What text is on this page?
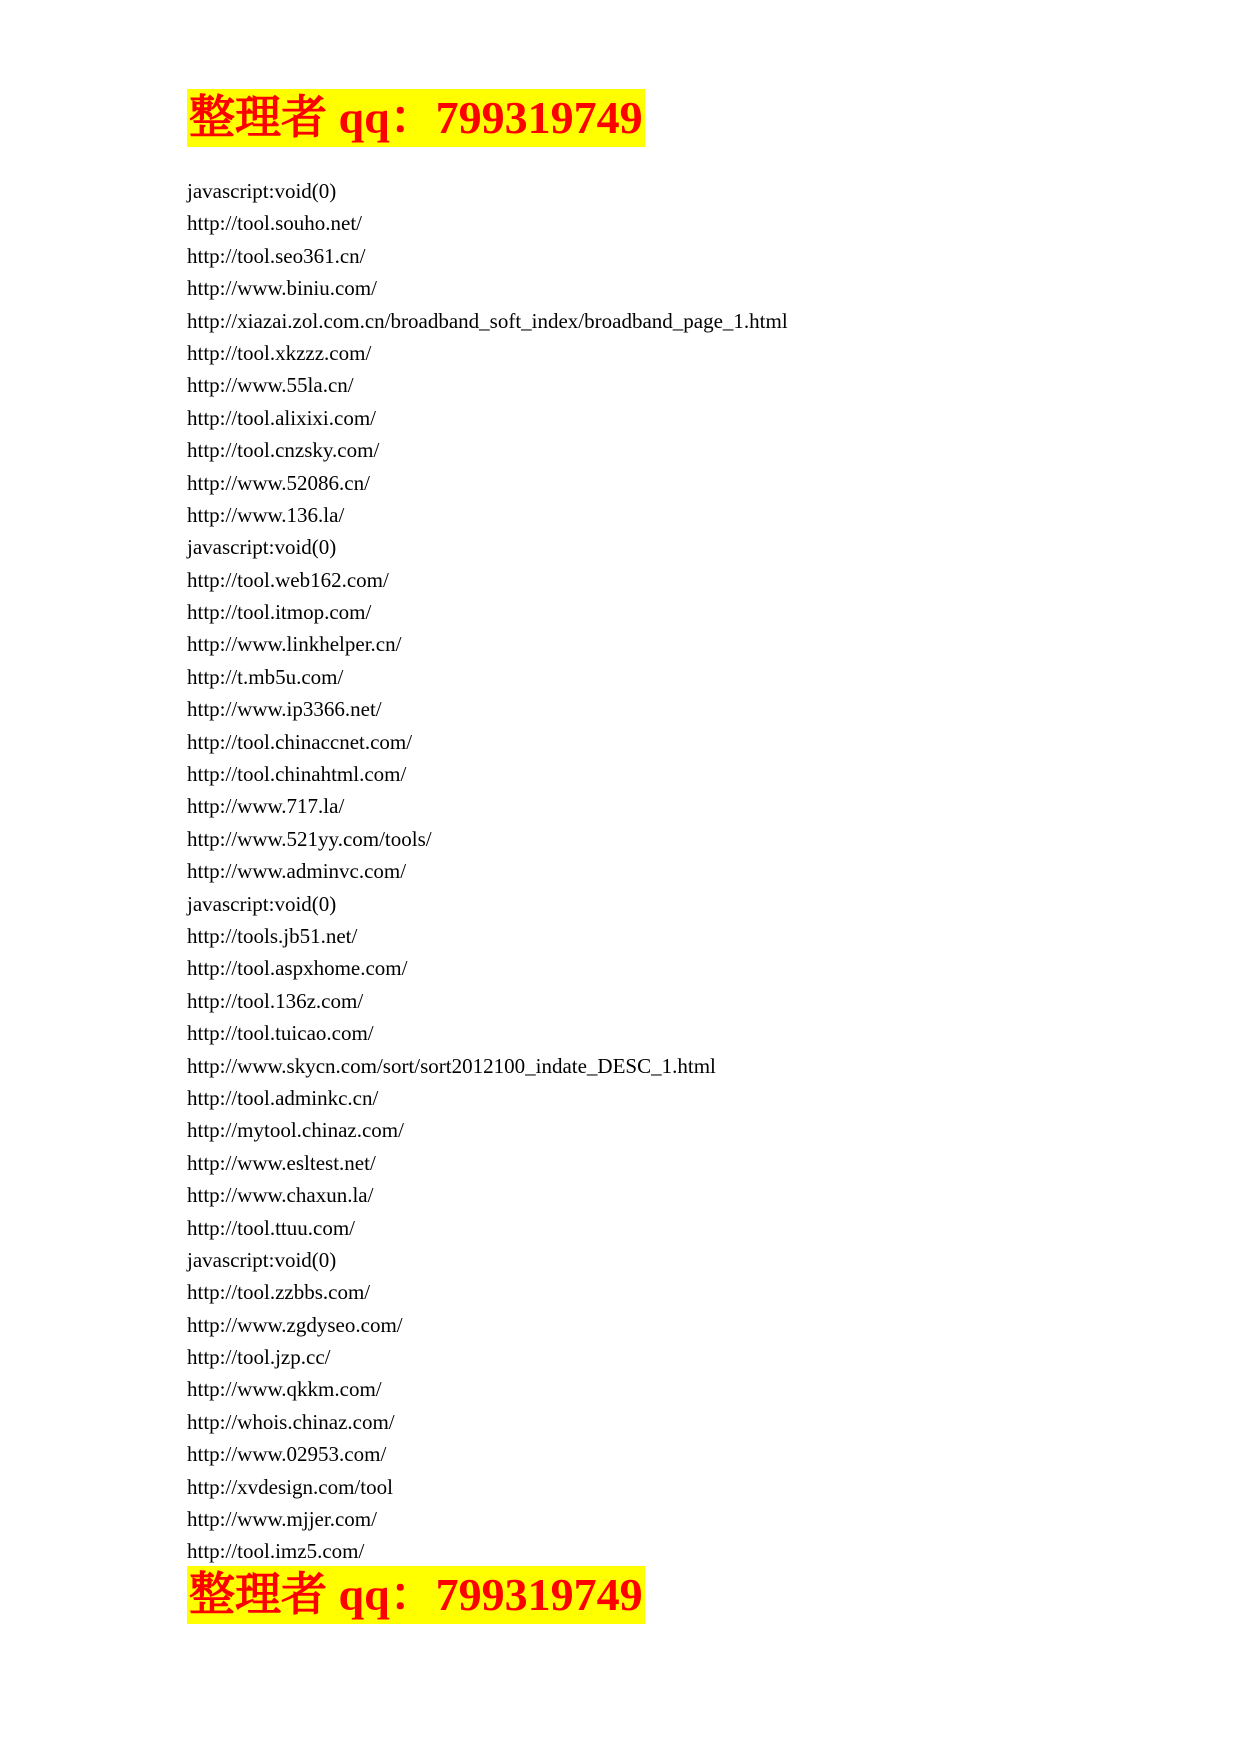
整理者 qq：799319749
javascript:void(0)
http://tool.souho.net/
http://tool.seo361.cn/
http://www.biniu.com/
http://xiazai.zol.com.cn/broadband_soft_index/broadband_page_1.html
http://tool.xkzzz.com/
http://www.55la.cn/
http://tool.alixixi.com/
http://tool.cnzsky.com/
http://www.52086.cn/
http://www.136.la/
javascript:void(0)
http://tool.web162.com/
http://tool.itmop.com/
http://www.linkhelper.cn/
http://t.mb5u.com/
http://www.ip3366.net/
http://tool.chinaccnet.com/
http://tool.chinahtml.com/
http://www.717.la/
http://www.521yy.com/tools/
http://www.adminvc.com/
javascript:void(0)
http://tools.jb51.net/
http://tool.aspxhome.com/
http://tool.136z.com/
http://tool.tuicao.com/
http://www.skycn.com/sort/sort2012100_indate_DESC_1.html
http://tool.adminkc.cn/
http://mytool.chinaz.com/
http://www.esltest.net/
http://www.chaxun.la/
http://tool.ttuu.com/
javascript:void(0)
http://tool.zzbbs.com/
http://www.zgdyseo.com/
http://tool.jzp.cc/
http://www.qkkm.com/
http://whois.chinaz.com/
http://www.02953.com/
http://xvdesign.com/tool
http://www.mjjer.com/
http://tool.imz5.com/
整理者 qq：799319749
